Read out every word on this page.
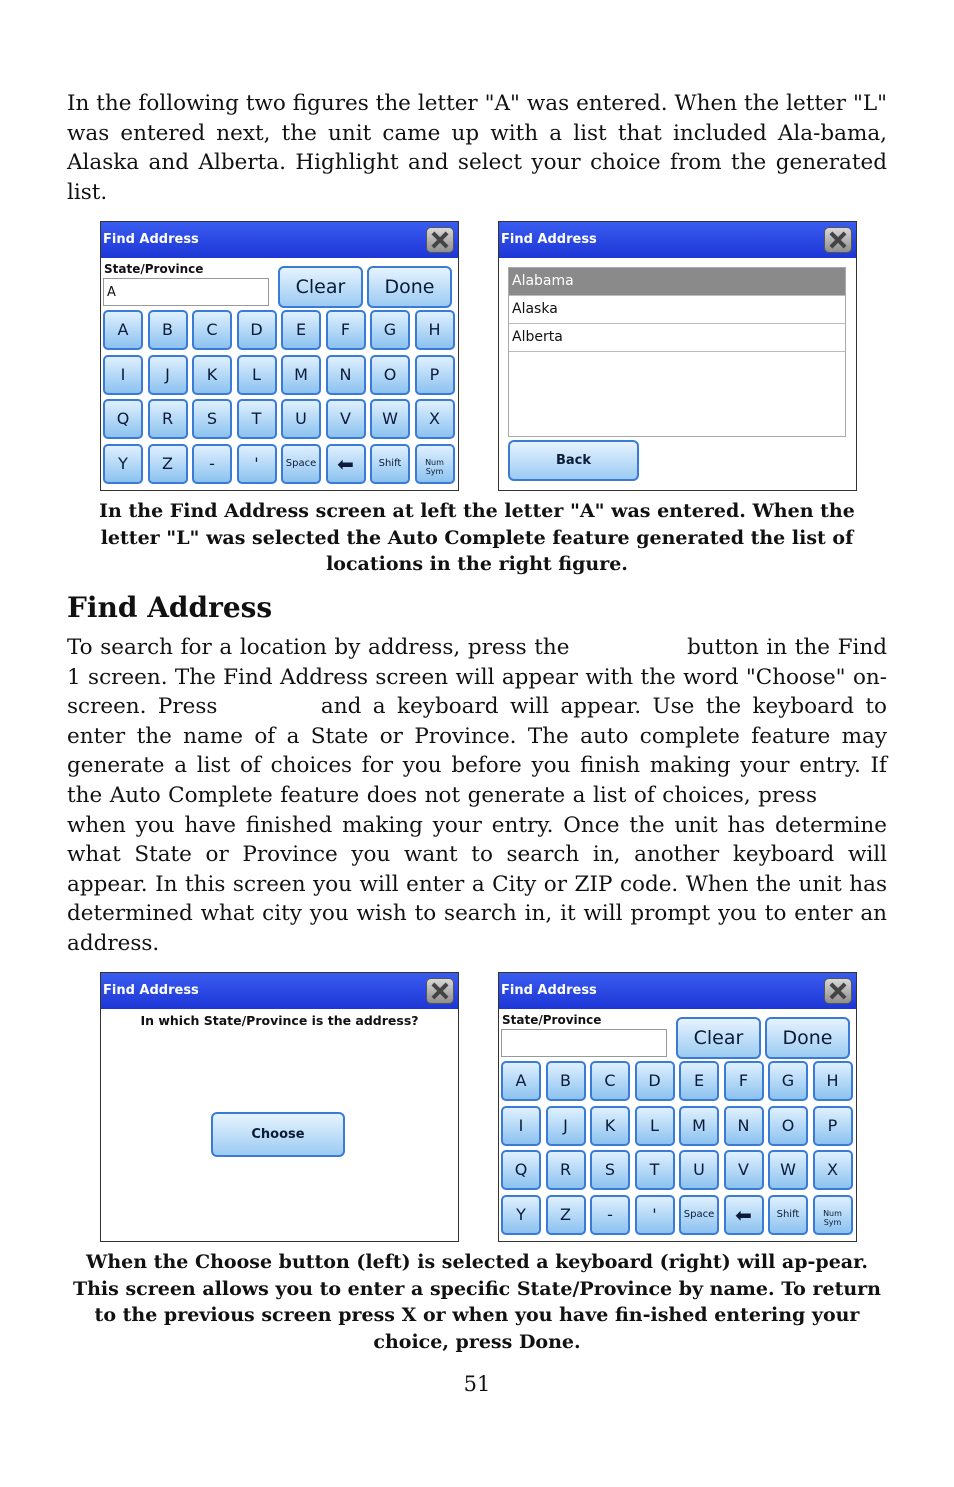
In the following two figures the letter "A" was entered. When the letter "L" was entered next, the unit came up with a list that included Ala-bama, Alaska and Alberta. Highlight and select your choice from the generated list.
Find Address
State/Province
A	Clear	Done
A	B	C	D	E	F	G	H
I	J	K	L	M	N	O	P
Q	R	S	T	U	V	W	X
Y	Z	-	'	Space	⬅	Shift	Num
Sym
Find Address
Alabama
Alaska
Alberta
Back
In the Find Address screen at left the letter "A" was entered. When the letter "L" was selected the Auto Complete feature generated the list of locations in the right figure.
Find Address
To search for a location by address, press the	button in the Find 1 screen. The Find Address screen will appear with the word "Choose" on-screen. Press	and a keyboard will appear. Use the keyboard to enter the name of a State or Province. The auto complete feature may generate a list of choices for you before you finish making your entry. If the Auto Complete feature does not generate a list of choices, press when you have finished making your entry. Once the unit has determine what State or Province you want to search in, another keyboard will appear. In this screen you will enter a City or ZIP code. When the unit has determined what city you wish to search in, it will prompt you to enter an address.
Find Address
In which State/Province is the address?
Choose
Find Address
State/Province
Clear	Done
A	B	C	D	E	F	G	H
I	J	K	L	M	N	O	P
Q	R	S	T	U	V	W	X
Y	Z	-	'	Space	⬅	Shift	Num
Sym
When the Choose button (left) is selected a keyboard (right) will ap-pear. This screen allows you to enter a specific State/Province by name. To return to the previous screen press X or when you have fin-ished entering your choice, press Done.
51
